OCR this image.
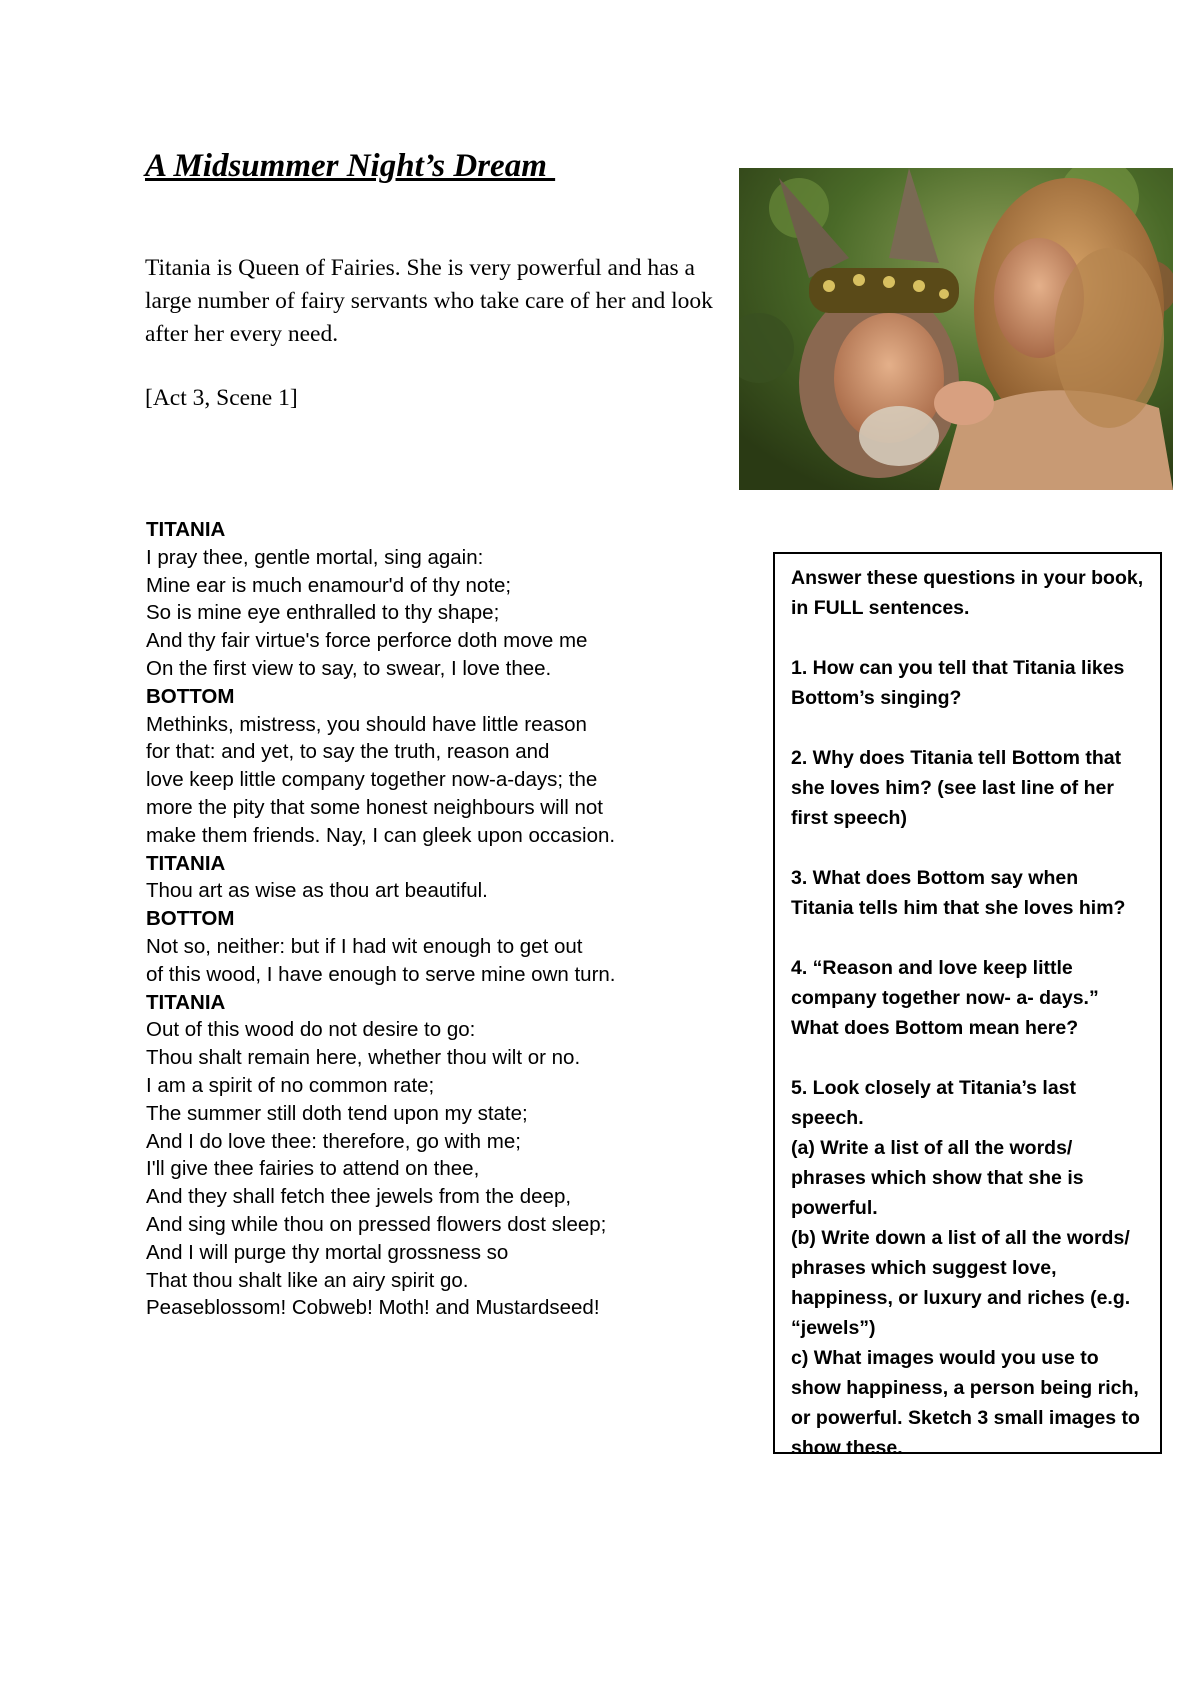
A Midsummer Night’s Dream

Titania is Queen of Fairies. She is very powerful and has a large number of fairy servants who take care of her and look after her every need.

[Act 3, Scene 1]

TITANIA
I pray thee, gentle mortal, sing again:
Mine ear is much enamour'd of thy note;
So is mine eye enthralled to thy shape;
And thy fair virtue's force perforce doth move me
On the first view to say, to swear, I love thee.
BOTTOM
Methinks, mistress, you should have little reason
for that: and yet, to say the truth, reason and
love keep little company together now-a-days; the
more the pity that some honest neighbours will not
make them friends. Nay, I can gleek upon occasion.
TITANIA
Thou art as wise as thou art beautiful.
BOTTOM
Not so, neither: but if I had wit enough to get out
of this wood, I have enough to serve mine own turn.
TITANIA
Out of this wood do not desire to go:
Thou shalt remain here, whether thou wilt or no.
I am a spirit of no common rate;
The summer still doth tend upon my state;
And I do love thee: therefore, go with me;
I'll give thee fairies to attend on thee,
And they shall fetch thee jewels from the deep,
And sing while thou on pressed flowers dost sleep;
And I will purge thy mortal grossness so
That thou shalt like an airy spirit go.
Peaseblossom! Cobweb! Moth! and Mustardseed!

Answer these questions in your book, in FULL sentences.

1. How can you tell that Titania likes Bottom’s singing?

2. Why does Titania tell Bottom that she loves him? (see last line of her first speech)

3. What does Bottom say when Titania tells him that she loves him?

4. “Reason and love keep little company together now- a- days.” What does Bottom mean here?

5. Look closely at Titania’s last speech.

(a) Write a list of all the words/ phrases which show that she is powerful.

(b) Write down a list of all the words/ phrases which suggest love, happiness, or luxury and riches (e.g. “jewels”)

c) What images would you use to show happiness, a person being rich, or powerful. Sketch 3 small images to show these.
